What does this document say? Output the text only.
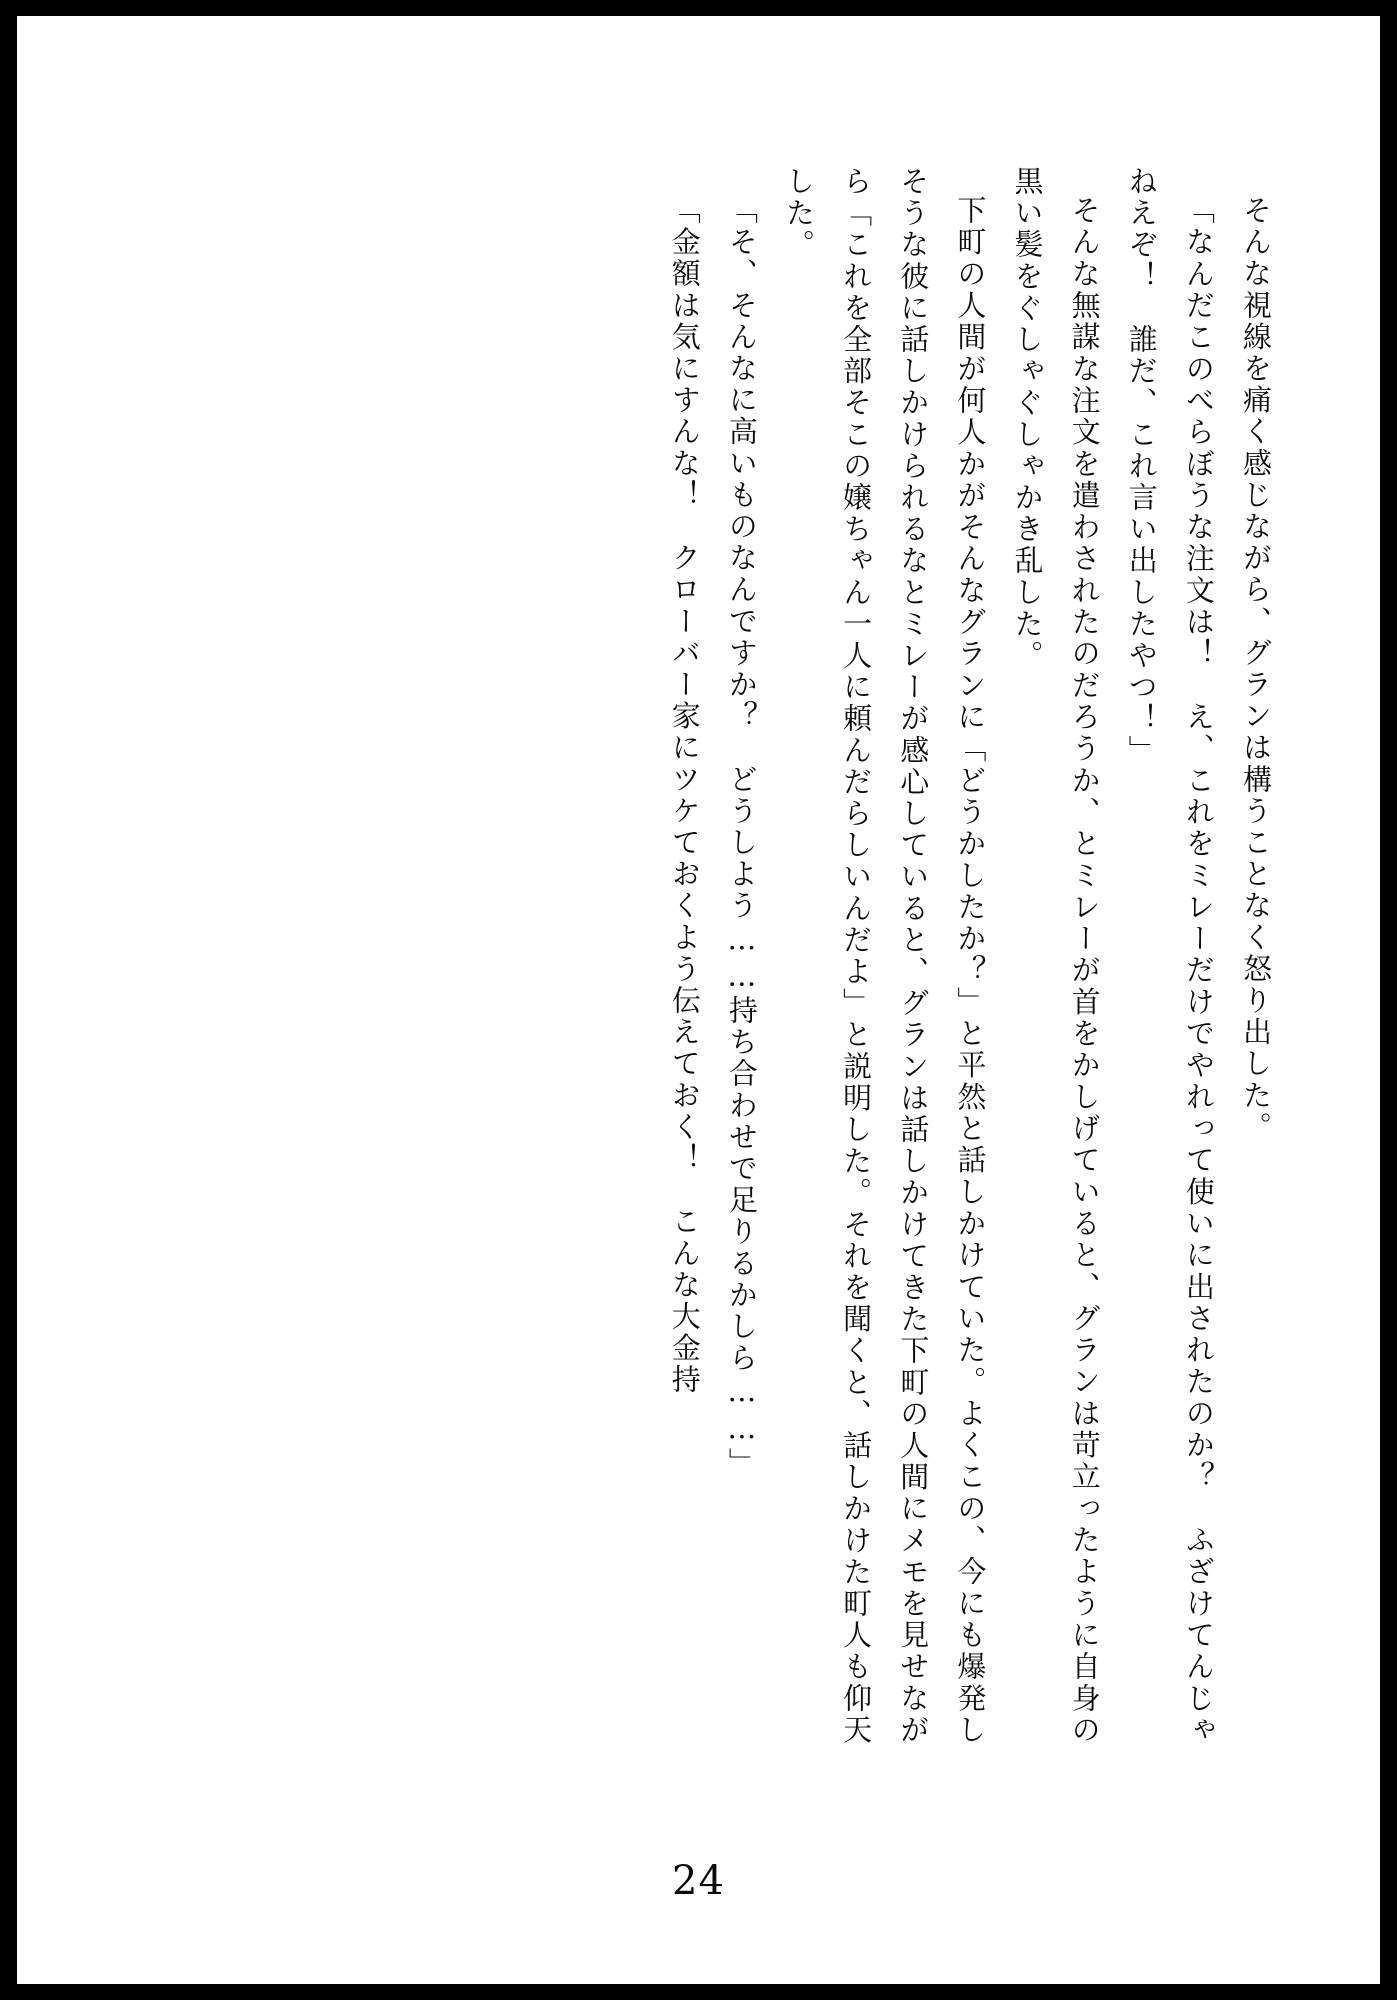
そんな視線を痛く感じながら、グランは構うことなく怒り出した。

「なんだこのべらぼうな注文は！　え、これをミレーだけでやれって使いに出されたのか？　ふざけてんじゃねえぞ！　誰だ、これ言い出したやつ！」

そんな無謀な注文を遣わされたのだろうか、とミレーが首をかしげていると、グランは苛立ったように自身の黒い髪をぐしゃぐしゃかき乱した。

下町の人間が何人かがそんなグランに「どうかしたか？」と平然と話しかけていた。よくこの、今にも爆発しそうな彼に話しかけられるなとミレーが感心していると、グランは話しかけてきた下町の人間にメモを見せながら「これを全部そこの嬢ちゃん一人に頼んだらしいんだよ」と説明した。それを聞くと、話しかけた町人も仰天した。

「そ、そんなに高いものなんですか？　どうしよう……持ち合わせで足りるかしら……」

「金額は気にすんな！　クローバー家にツケておくよう伝えておく！　こんな大金持

24
